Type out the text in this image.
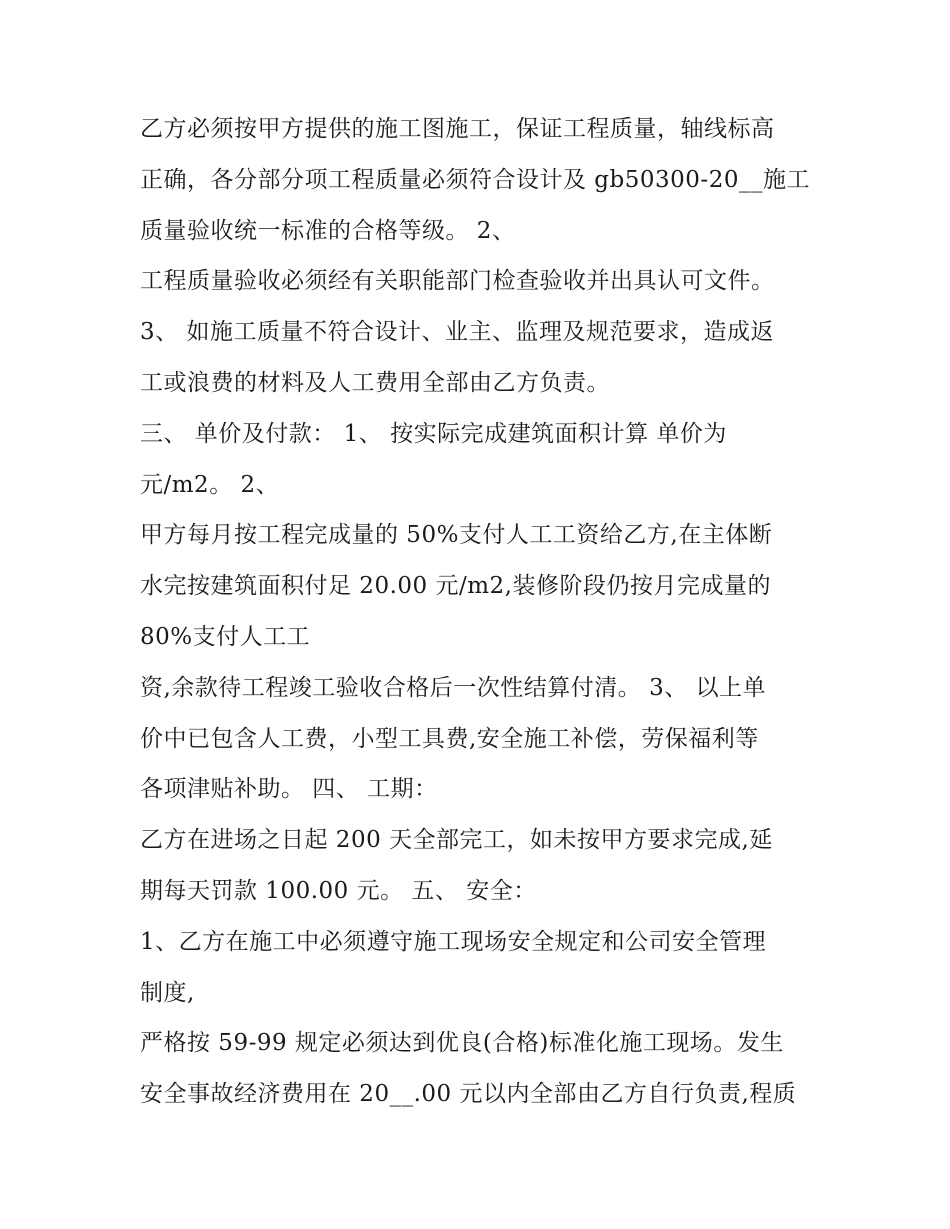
乙方必须按甲方提供的施工图施工，保证工程质量，轴线标高
正确，各分部分项工程质量必须符合设计及 gb50300-20__施工
质量验收统一标准的合格等级。 2、
工程质量验收必须经有关职能部门检查验收并出具认可文件。
3、 如施工质量不符合设计、业主、监理及规范要求，造成返
工或浪费的材料及人工费用全部由乙方负责。
三、 单价及付款： 1、 按实际完成建筑面积计算 单价为
元/m2。 2、
甲方每月按工程完成量的 50%支付人工工资给乙方,在主体断
水完按建筑面积付足 20.00 元/m2,装修阶段仍按月完成量的
80%支付人工工
资,余款待工程竣工验收合格后一次性结算付清。 3、 以上单
价中已包含人工费，小型工具费,安全施工补偿，劳保福利等
各项津贴补助。 四、 工期：
乙方在进场之日起 200 天全部完工，如未按甲方要求完成,延
期每天罚款 100.00 元。 五、 安全：
1、乙方在施工中必须遵守施工现场安全规定和公司安全管理
制度,
严格按 59-99 规定必须达到优良(合格)标准化施工现场。发生
安全事故经济费用在 20__.00 元以内全部由乙方自行负责,程质
